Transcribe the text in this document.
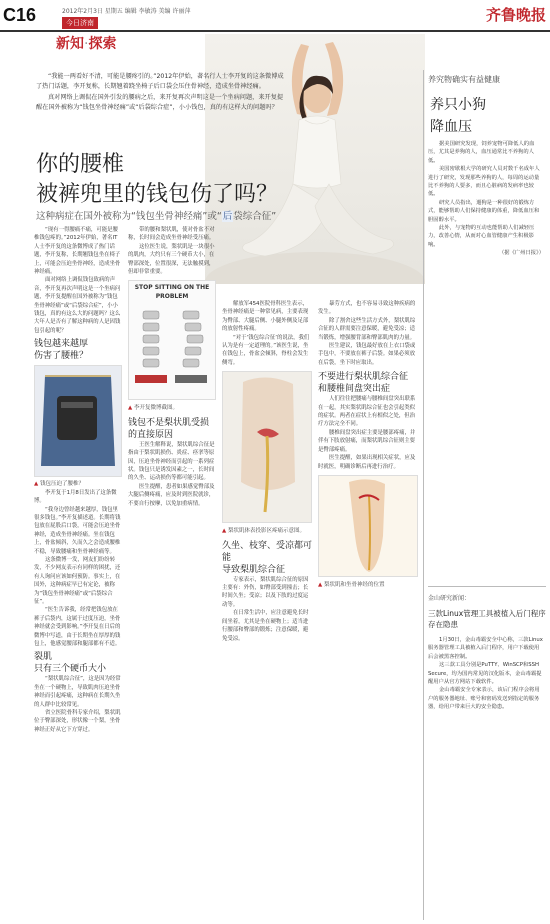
C16	2012年2月3日 星期五 编辑 李敏涛 美编 许丽萍
今日济南	齐鲁晚报
新知·探索

“我能一两看好不清，可能是腰疼引的。”2012年伊始，著名行人士李开复的这条微博成了热门话题，李开复称，长期翘着跷坐椅子后口袋会压住骨神经，造成坐骨神经痛。

真对网络上调侃在国外引发的腰病之后，来开复再次声明这是一个坐病问题，来开复提醒在国外被称为“钱包坐骨神经痛”或“后袋综合症”，小小钱包，真的有这样大的问题吗？

你的腰椎
被裤兜里的钱包伤了吗？
这种病症在国外被称为“钱包坐骨神经痛”或“后袋综合征”

“现有一得腰痛不痛，可能是腰椎钱包疼的。”2012年伊始，著名IT人士李开复的这条微博成了热门话题，李开复称，长期翘钱包坐在椅子上，可能会压迫坐骨神经，造成坐骨神经痛。

面对网络上调侃钱包致病的声音，李开复再次声明这是一个坐病问题，李开复提醒在国外被称为“钱包坐骨神经痛”或“后袋综合症”，小小钱包，真的有这么大的问题吗？这么大年人是否有了解这种病的人是因钱包引起的呢？

钱包越来越厚
伤害了腰椎？
▲ 钱包压迫了腰椎？

李开复于1月8日发出了这条微博。

“我身边曾经越来越厚，钱包里很多钱包。”李开复描述道。长期将钱包放在屁股后口袋，可能会压迫坐骨神经，造成坐骨神经痛。坐在钱包上，骨盆倾斜，久而久之会造成腰椎不稳，导致腰痛和坐骨神经痛等。

这条微博一发，网友们纷纷转发，不少网友表示有同样的困扰，还有人询问应该如何预防。事实上，在国外，这种病症早已有定论，被称为“钱包坐骨神经痛”或“后袋综合征”。

“医生告诉我，经常把钱包放在裤子后袋内，这属于过度压迫，坐骨神经就会受到影响。”李开复在日后的微博中写道，由于长期坐在厚厚的钱包上，他感觉腰部和腿部都有不适。

裂肌
只有三个硬币大小

“梨状肌综合征”，这是因为经常坐在一个硬物上，导致肌肉压迫坐骨神经而引起疼痛，这种病在长期久坐的人群中比较常见。

省立医院骨科专家介绍，梨状肌位于臀部深处，形状像一个梨，坐骨神经正好从它下方穿过。

带的腰和梨状肌，使对骨盆不对称，长时间会造成坐骨神经受压痛。

这位医生说，梨状肌是一块很小的肌肉，大约只有三个硬币大小，在臀部深处，位置很深，无法触摸到，但却非常重要。

STOP SITTING ON THE PROBLEM
▲ 李开复微博截图。
钱包不是梨状肌受损
的直接原因

王医生解释说，梨状肌综合征是指由于梨状肌损伤、炎症、痉挛等原因，压迫坐骨神经而引起的一系列症状。钱包只是诱发因素之一，长时间的久坐、运动损伤等都可能引起。

医生提醒，患者如果感觉臀部及大腿后侧疼痛，应及时到医院就诊，不要自行按摩，以免加重病情。

解放军454医院骨科医生表示，坐骨神经痛是一种常见病，主要表现为臀部、大腿后侧、小腿外侧及足部的放射性疼痛。

“对于‘钱包综合征’的说法，我们认为是有一定道理的。”该医生说，坐在钱包上，骨盆会倾斜，脊柱会发生侧弯。

▲ 梨状肌体表投影区疼痛示意图。
久坐、枝穿、受凉都可能
导致梨肌综合征

专家表示，梨状肌综合征的原因主要有：外伤，如臀部受到撞击；长时间久坐；受凉；以及下肢的过度运动等。

在日常生活中，应注意避免长时间坐着，尤其是坐在硬物上；适当进行腰部和臀部的锻炼；注意保暖，避免受凉。

暴劳方式，也不容易寻致这种疾病的发生。

除了割舍这些生活方式外，梨状肌综合征的人群需要注意保暖，避免受凉；适当锻炼，增强腰背部和臀部肌肉的力量。

医生建议，钱包最好放在上衣口袋或手包中，不要放在裤子后袋。如果必须放在后袋，坐下时应取出。

不要进行梨状肌综合征
和腰椎间盘突出症

人们往往把腰痛与腰椎间盘突出联系在一起，其实梨状肌综合征也会引起类似的症状。两者在症状上有相似之处，但治疗方法完全不同。

腰椎间盘突出症主要是腰部疼痛，并伴有下肢放射痛，而梨状肌综合征则主要是臀部疼痛。

医生提醒，如果出现相关症状，应及时就医，明确诊断后再进行治疗。

▲ 梨状肌和坐骨神经的位置
养究物确实有益健康
养只小狗
降血压

据美国研究发现，饲养宠物可降低人的血压，尤其是养狗的人，血压通常比不养狗的人低。

美国密歇根大学的研究人员对数千名成年人进行了研究，发现那些养狗的人，每周的运动量比不养狗的人要多，而且心脏病的发病率也较低。

研究人员指出，遛狗是一种很好的锻炼方式，能够帮助人们保持健康的体重，降低血压和胆固醇水平。

此外，与宠物的互动也能帮助人们减轻压力，改善心情，从而对心血管健康产生积极影响。

（据《广州日报》）
金山研究新闻：
三款Linux管理工具被植入后门程序存在隐患

1月30日，金山毒霸安全中心称，三款Linux服务器管理工具被植入后门程序，用户下载使用后会被黑客控制。

这三款工具分别是PuTTY、WinSCP和SSH Secure，均为国内常见的汉化版本，金山毒霸提醒用户从官方网站下载软件。

金山毒霸安全专家表示，该后门程序会将用户的服务器地址、账号和密码发送到指定的服务器，给用户带来巨大的安全隐患。
